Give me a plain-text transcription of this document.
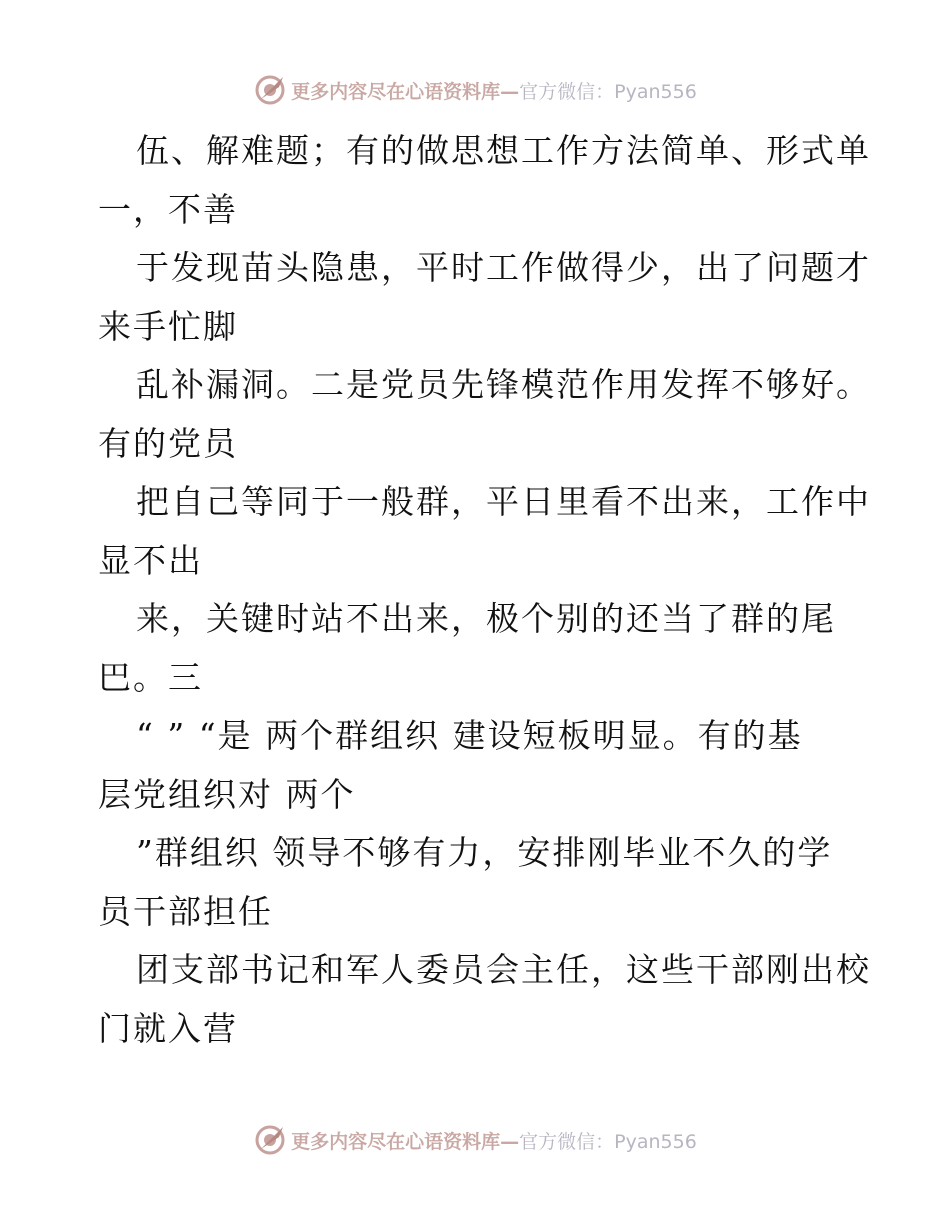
更多内容尽在心语资料库— 官方微信：Pyan556
伍、解难题；有的做思想工作方法简单、形式单
一，不善
于发现苗头隐患，平时工作做得少，出了问题才
来手忙脚
乱补漏洞。二是党员先锋模范作用发挥不够好。
有的党员
把自己等同于一般群，平日里看不出来，工作中
显不出
来，关键时站不出来，极个别的还当了群的尾
巴。三
“ ” “是 两个群组织 建设短板明显。有的基
层党组织对 两个
”群组织 领导不够有力，安排刚毕业不久的学
员干部担任
团支部书记和军人委员会主任，这些干部刚出校
门就入营
更多内容尽在心语资料库— 官方微信：Pyan556
